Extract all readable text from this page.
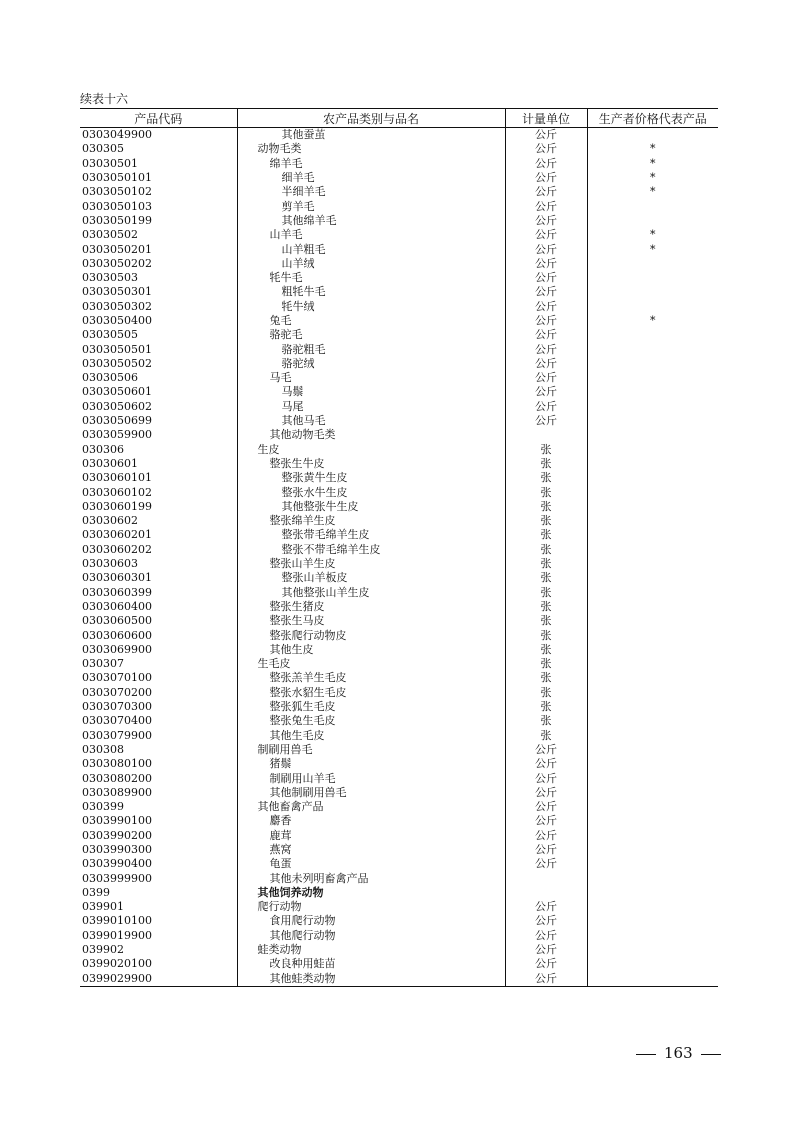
续表十六
产品代码	农产品类别与品名	计量单位	生产者价格代表产品
0303049900	其他蚕茧	公斤	
030305	动物毛类	公斤	*
03030501	绵羊毛	公斤	*
0303050101	细羊毛	公斤	*
0303050102	半细羊毛	公斤	*
0303050103	剪羊毛	公斤	
0303050199	其他绵羊毛	公斤	
03030502	山羊毛	公斤	*
0303050201	山羊粗毛	公斤	*
0303050202	山羊绒	公斤	
03030503	牦牛毛	公斤	
0303050301	粗牦牛毛	公斤	
0303050302	牦牛绒	公斤	
0303050400	兔毛	公斤	*
03030505	骆驼毛	公斤	
0303050501	骆驼粗毛	公斤	
0303050502	骆驼绒	公斤	
03030506	马毛	公斤	
0303050601	马鬃	公斤	
0303050602	马尾	公斤	
0303050699	其他马毛	公斤	
0303059900	其他动物毛类		
030306	生皮	张	
03030601	整张生牛皮	张	
0303060101	整张黄牛生皮	张	
0303060102	整张水牛生皮	张	
0303060199	其他整张牛生皮	张	
03030602	整张绵羊生皮	张	
0303060201	整张带毛绵羊生皮	张	
0303060202	整张不带毛绵羊生皮	张	
03030603	整张山羊生皮	张	
0303060301	整张山羊板皮	张	
0303060399	其他整张山羊生皮	张	
0303060400	整张生猪皮	张	
0303060500	整张生马皮	张	
0303060600	整张爬行动物皮	张	
0303069900	其他生皮	张	
030307	生毛皮	张	
0303070100	整张羔羊生毛皮	张	
0303070200	整张水貂生毛皮	张	
0303070300	整张狐生毛皮	张	
0303070400	整张兔生毛皮	张	
0303079900	其他生毛皮	张	
030308	制刷用兽毛	公斤	
0303080100	猪鬃	公斤	
0303080200	制刷用山羊毛	公斤	
0303089900	其他制刷用兽毛	公斤	
030399	其他畜禽产品	公斤	
0303990100	麝香	公斤	
0303990200	鹿茸	公斤	
0303990300	燕窝	公斤	
0303990400	龟蛋	公斤	
0303999900	其他未列明畜禽产品		
0399	其他饲养动物		
039901	爬行动物	公斤	
0399010100	食用爬行动物	公斤	
0399019900	其他爬行动物	公斤	
039902	蛙类动物	公斤	
0399020100	改良种用蛙苗	公斤	
0399029900	其他蛙类动物	公斤	
163
